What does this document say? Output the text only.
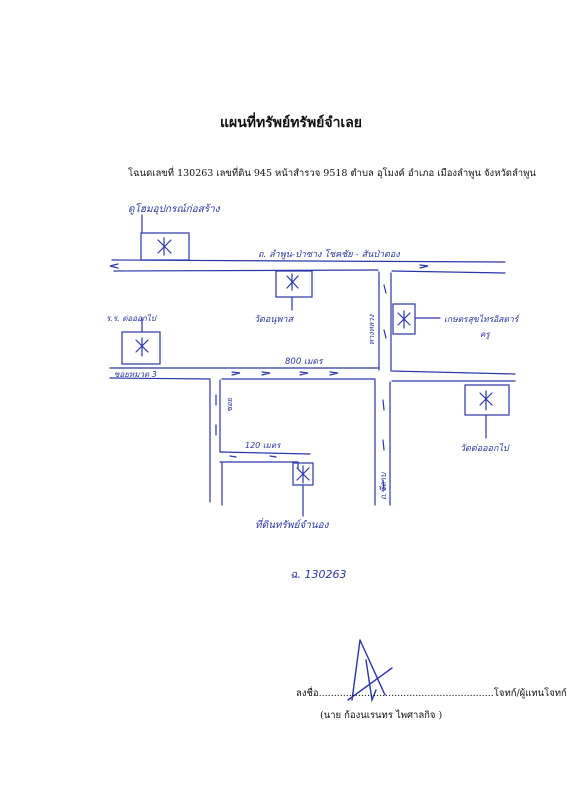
แผนที่ทรัพย์ทรัพย์จำเลย
โฉนดเลขที่ 130263 เลขที่ดิน 945 หน้าสำรวจ 9518 ตำบล อุโมงค์ อำเภอ เมืองลำพูน จังหวัดลำพูน
ดูโฮมอุปกรณ์ก่อสร้าง
ถ. ลำพูน-ป่าซาง โชคชัย - สันป่าตอง
วัดอนุพาส
ร.ร. ต่อออกไป	เกษตรสุขไทรอิสตาร์
ครู
ซอยหมวด 3
800 เมตร
วัดต่อออกไป
120 เมตร
ที่ดินทรัพย์จำนอง
ฉ. 130263
ทางหลวง
ซอย
ถ.ซีลาบ
ลงชื่อ..........................................................โจทก์/ผู้แทนโจทก์
(นาย ก้องนเรนทร ไพศาลกิจ )
